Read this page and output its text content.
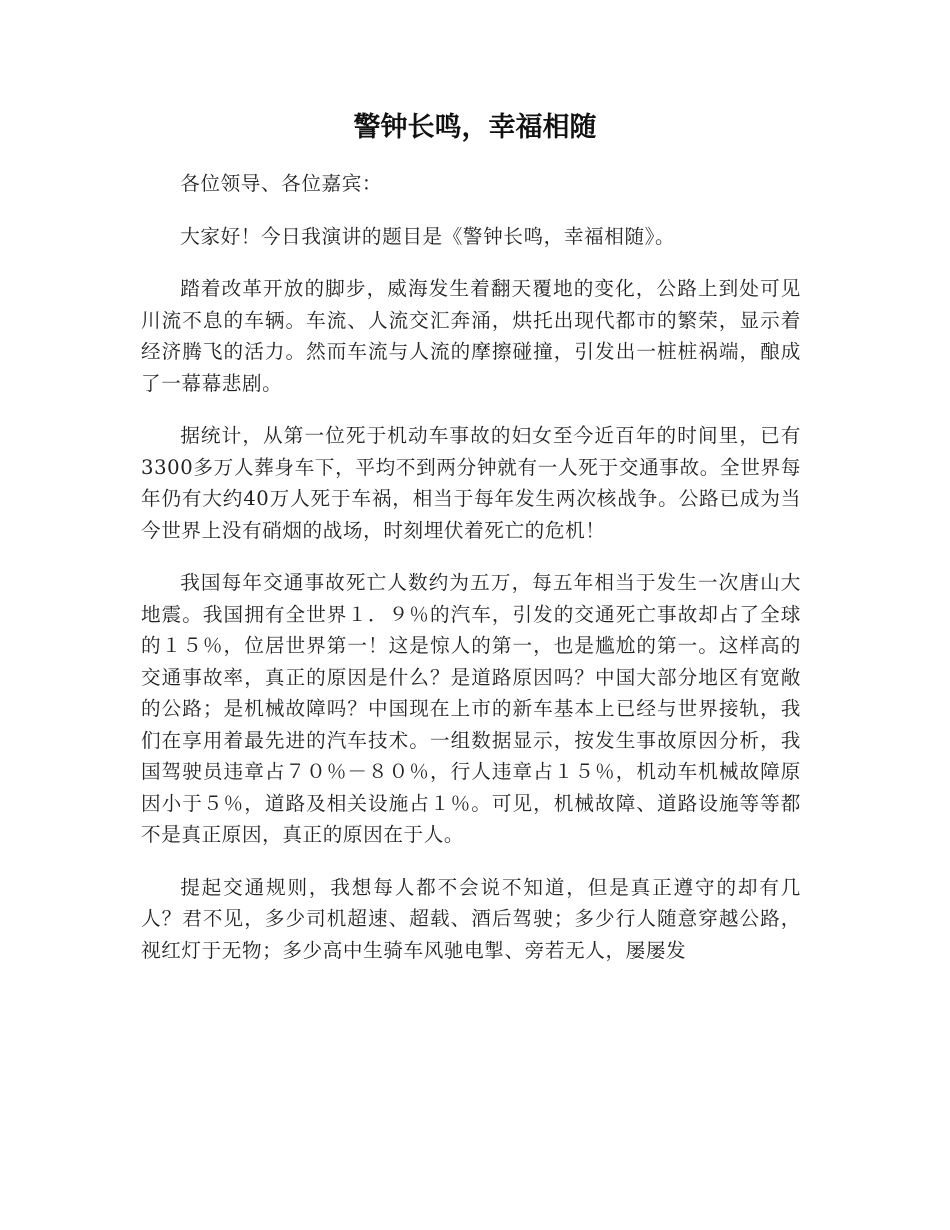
警钟长鸣，幸福相随

各位领导、各位嘉宾：

大家好！今日我演讲的题目是《警钟长鸣，幸福相随》。

踏着改革开放的脚步，威海发生着翻天覆地的变化，公路上到处可见川流不息的车辆。车流、人流交汇奔涌，烘托出现代都市的繁荣，显示着经济腾飞的活力。然而车流与人流的摩擦碰撞，引发出一桩桩祸端，酿成了一幕幕悲剧。

据统计，从第一位死于机动车事故的妇女至今近百年的时间里，已有3300多万人葬身车下，平均不到两分钟就有一人死于交通事故。全世界每年仍有大约40万人死于车祸，相当于每年发生两次核战争。公路已成为当今世界上没有硝烟的战场，时刻埋伏着死亡的危机！

我国每年交通事故死亡人数约为五万，每五年相当于发生一次唐山大地震。我国拥有全世界１．９％的汽车，引发的交通死亡事故却占了全球的１５％，位居世界第一！这是惊人的第一，也是尴尬的第一。这样高的交通事故率，真正的原因是什么？是道路原因吗？中国大部分地区有宽敞的公路；是机械故障吗？中国现在上市的新车基本上已经与世界接轨，我们在享用着最先进的汽车技术。一组数据显示，按发生事故原因分析，我国驾驶员违章占７０％－８０％，行人违章占１５％，机动车机械故障原因小于５％，道路及相关设施占１％。可见，机械故障、道路设施等等都不是真正原因，真正的原因在于人。

提起交通规则，我想每人都不会说不知道，但是真正遵守的却有几人？君不见，多少司机超速、超载、酒后驾驶；多少行人随意穿越公路，视红灯于无物；多少高中生骑车风驰电掣、旁若无人，屡屡发
